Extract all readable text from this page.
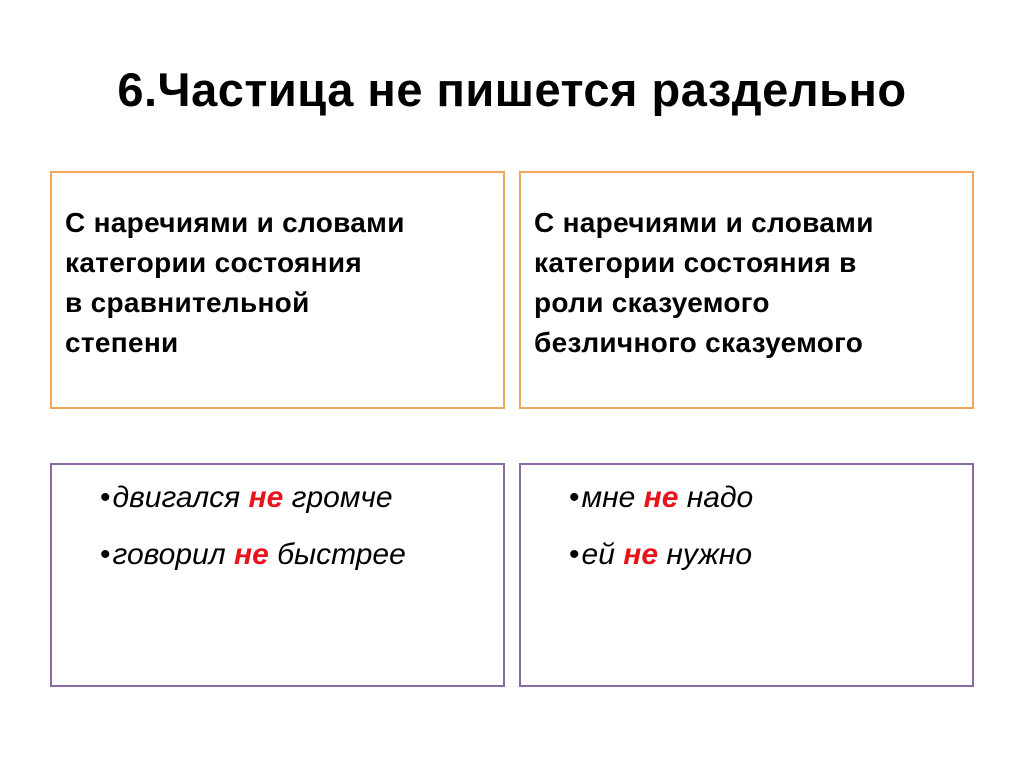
6.Частица не пишется раздельно
С наречиями и словами
категории состояния
в сравнительной
степени
С наречиями и словами
категории состояния в
роли сказуемого
безличного сказуемого
•двигался не громче
•говорил не быстрее
•мне не надо
•ей не нужно
